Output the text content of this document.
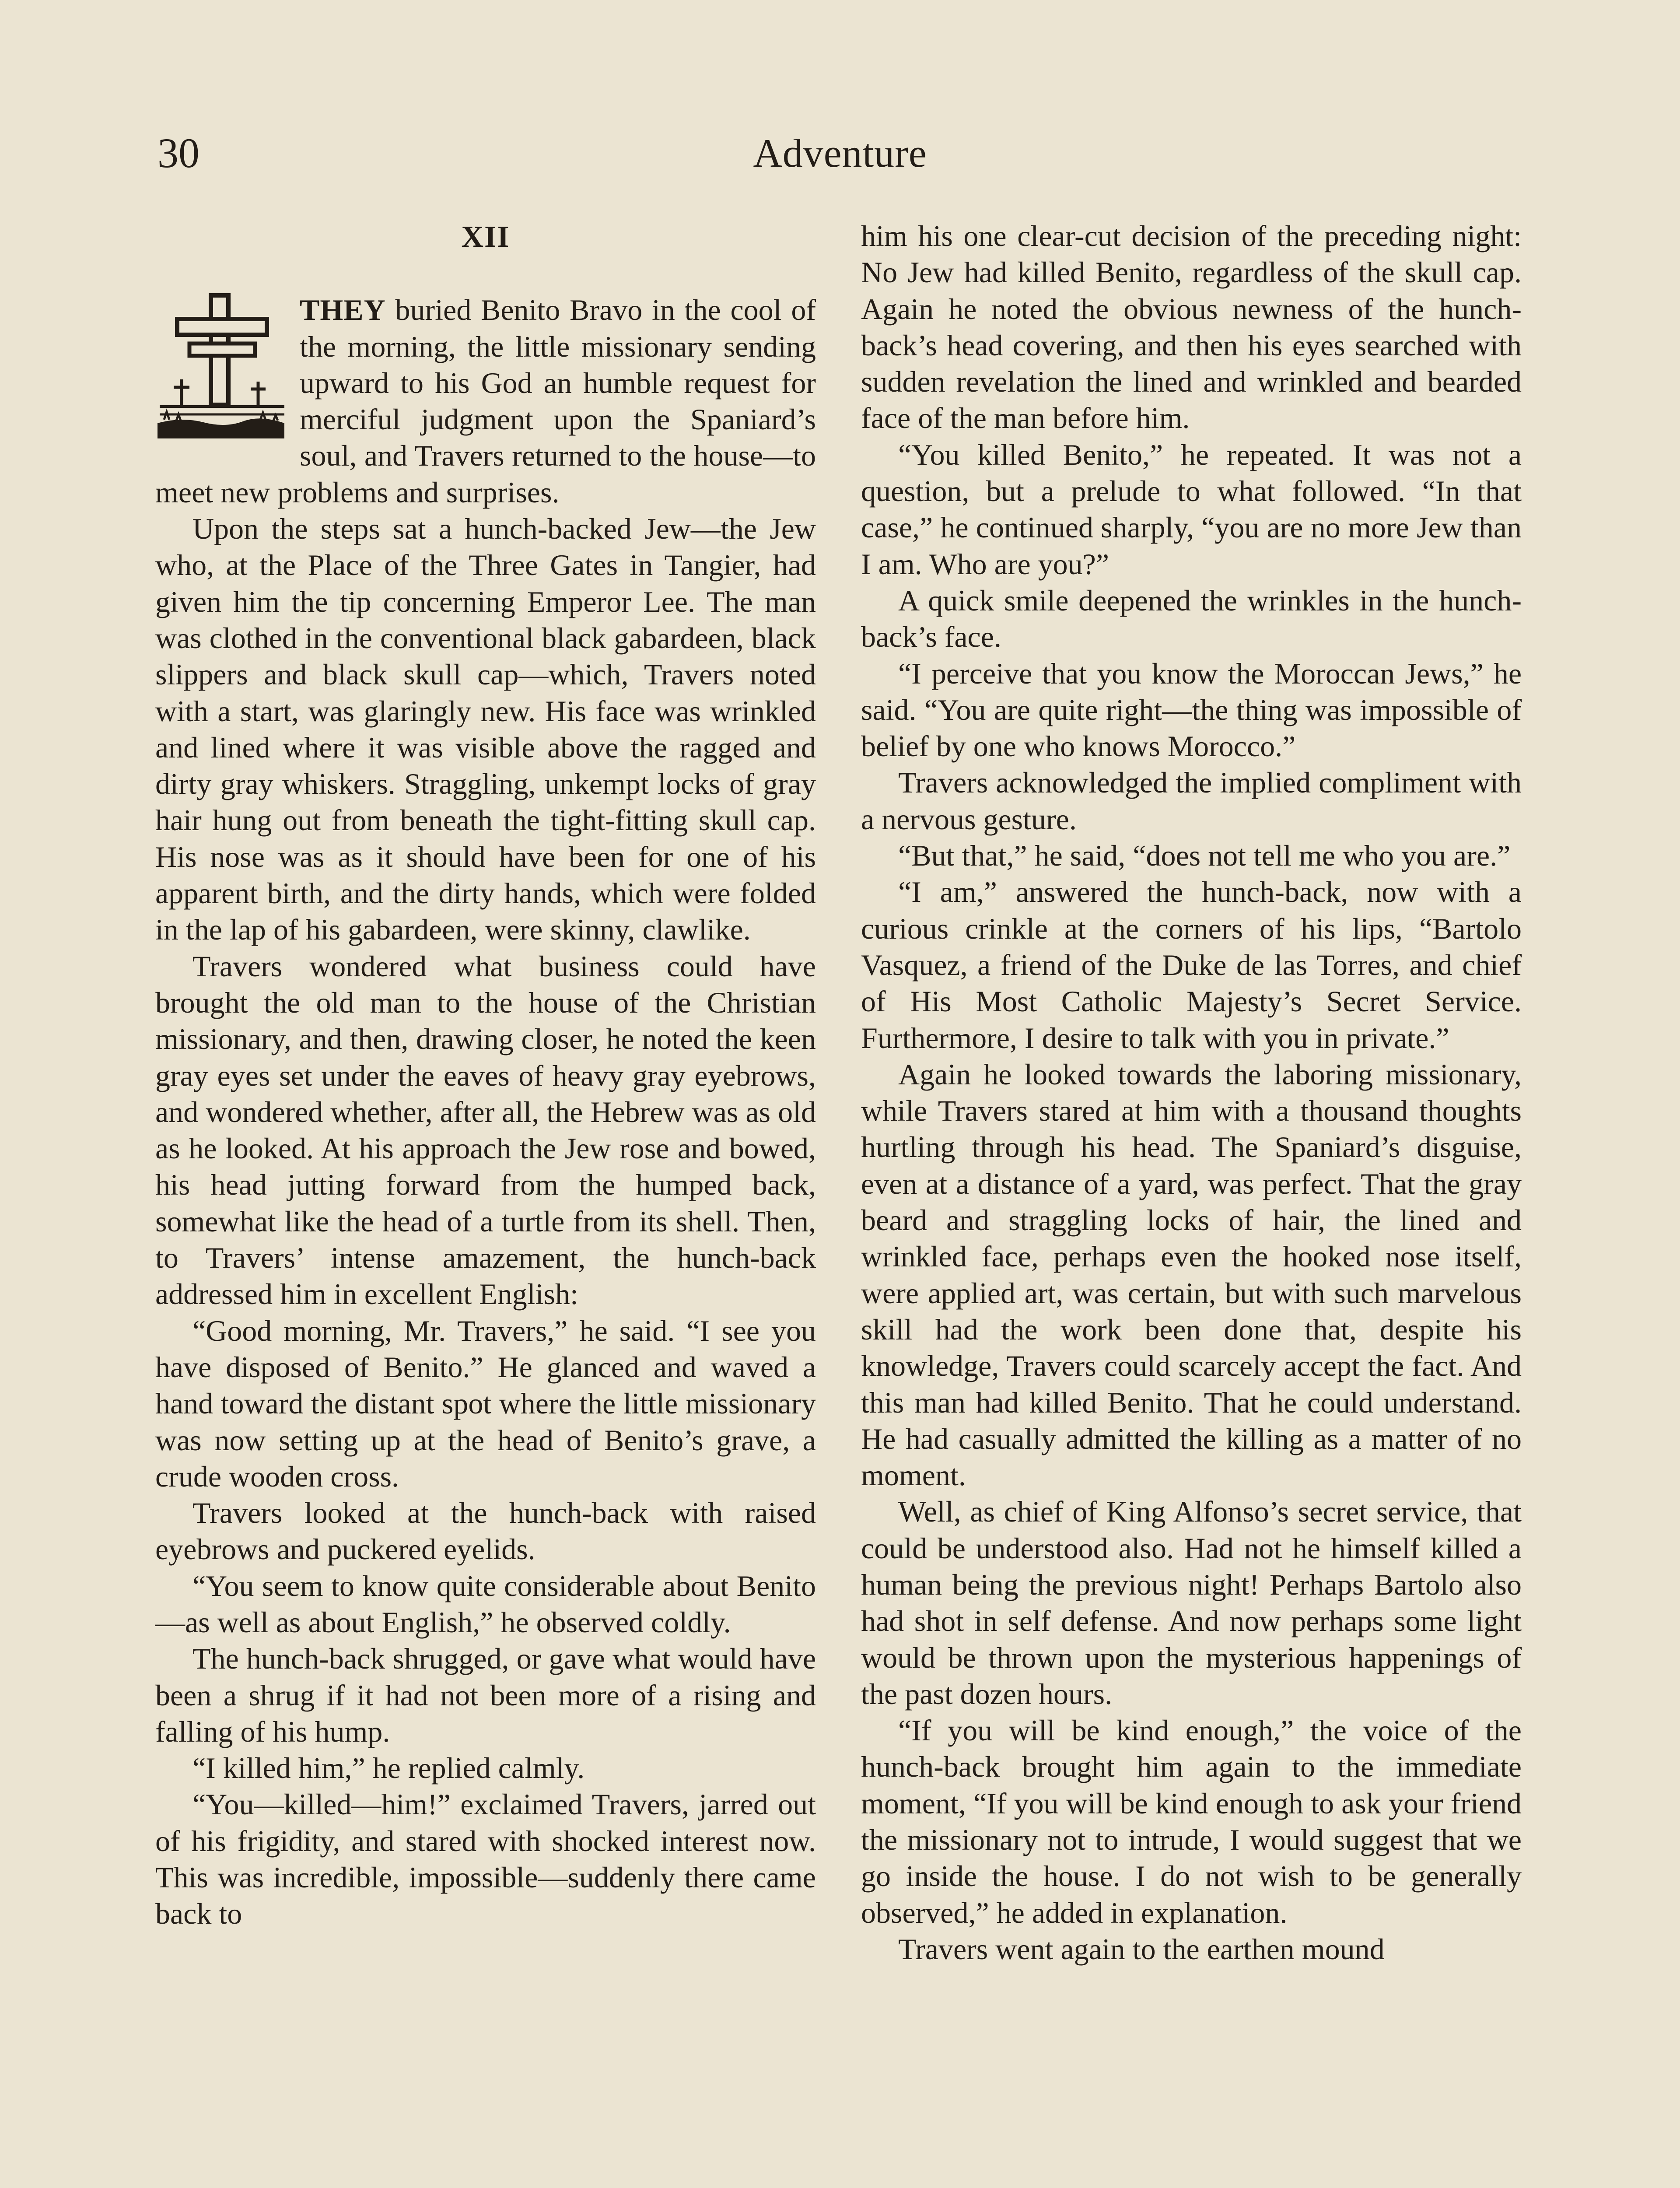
30	Adventure
XII

THEY buried Benito Bravo in the cool of the morning, the little missionary sending upward to his God an humble request for merciful judgment upon the Spaniard’s soul, and Travers returned to the house—to meet new problems and surprises.

Upon the steps sat a hunch-backed Jew—the Jew who, at the Place of the Three Gates in Tangier, had given him the tip concerning Emperor Lee. The man was clothed in the conventional black gabardeen, black slippers and black skull cap—which, Travers noted with a start, was glaringly new. His face was wrinkled and lined where it was visible above the ragged and dirty gray whiskers. Straggling, unkempt locks of gray hair hung out from beneath the tight-fitting skull cap. His nose was as it should have been for one of his apparent birth, and the dirty hands, which were folded in the lap of his gabardeen, were skinny, clawlike.

Travers wondered what business could have brought the old man to the house of the Christian missionary, and then, drawing closer, he noted the keen gray eyes set under the eaves of heavy gray eyebrows, and wondered whether, after all, the Hebrew was as old as he looked. At his approach the Jew rose and bowed, his head jutting forward from the humped back, somewhat like the head of a turtle from its shell. Then, to Travers’ intense amazement, the hunch-back addressed him in excellent English:

“Good morning, Mr. Travers,” he said. “I see you have disposed of Benito.” He glanced and waved a hand toward the distant spot where the little missionary was now setting up at the head of Benito’s grave, a crude wooden cross.

Travers looked at the hunch-back with raised eyebrows and puckered eyelids.

“You seem to know quite considerable about Benito—as well as about English,” he observed coldly.

The hunch-back shrugged, or gave what would have been a shrug if it had not been more of a rising and falling of his hump.

“I killed him,” he replied calmly.

“You—killed—him!” exclaimed Travers, jarred out of his frigidity, and stared with shocked interest now. This was incredible, impossible—suddenly there came back to

him his one clear-cut decision of the preceding night: No Jew had killed Benito, regardless of the skull cap. Again he noted the obvious newness of the hunch-back’s head covering, and then his eyes searched with sudden revelation the lined and wrinkled and bearded face of the man before him.

“You killed Benito,” he repeated. It was not a question, but a prelude to what followed. “In that case,” he continued sharply, “you are no more Jew than I am. Who are you?”

A quick smile deepened the wrinkles in the hunch-back’s face.

“I perceive that you know the Moroccan Jews,” he said. “You are quite right—the thing was impossible of belief by one who knows Morocco.”

Travers acknowledged the implied compliment with a nervous gesture.

“But that,” he said, “does not tell me who you are.”

“I am,” answered the hunch-back, now with a curious crinkle at the corners of his lips, “Bartolo Vasquez, a friend of the Duke de las Torres, and chief of His Most Catholic Majesty’s Secret Service. Furthermore, I desire to talk with you in private.”

Again he looked towards the laboring missionary, while Travers stared at him with a thousand thoughts hurtling through his head. The Spaniard’s disguise, even at a distance of a yard, was perfect. That the gray beard and straggling locks of hair, the lined and wrinkled face, perhaps even the hooked nose itself, were applied art, was certain, but with such marvelous skill had the work been done that, despite his knowledge, Travers could scarcely accept the fact. And this man had killed Benito. That he could understand. He had casually admitted the killing as a matter of no moment.

Well, as chief of King Alfonso’s secret service, that could be understood also. Had not he himself killed a human being the previous night! Perhaps Bartolo also had shot in self defense. And now perhaps some light would be thrown upon the mysterious happenings of the past dozen hours.

“If you will be kind enough,” the voice of the hunch-back brought him again to the immediate moment, “If you will be kind enough to ask your friend the missionary not to intrude, I would suggest that we go inside the house. I do not wish to be generally observed,” he added in explanation.

Travers went again to the earthen mound
